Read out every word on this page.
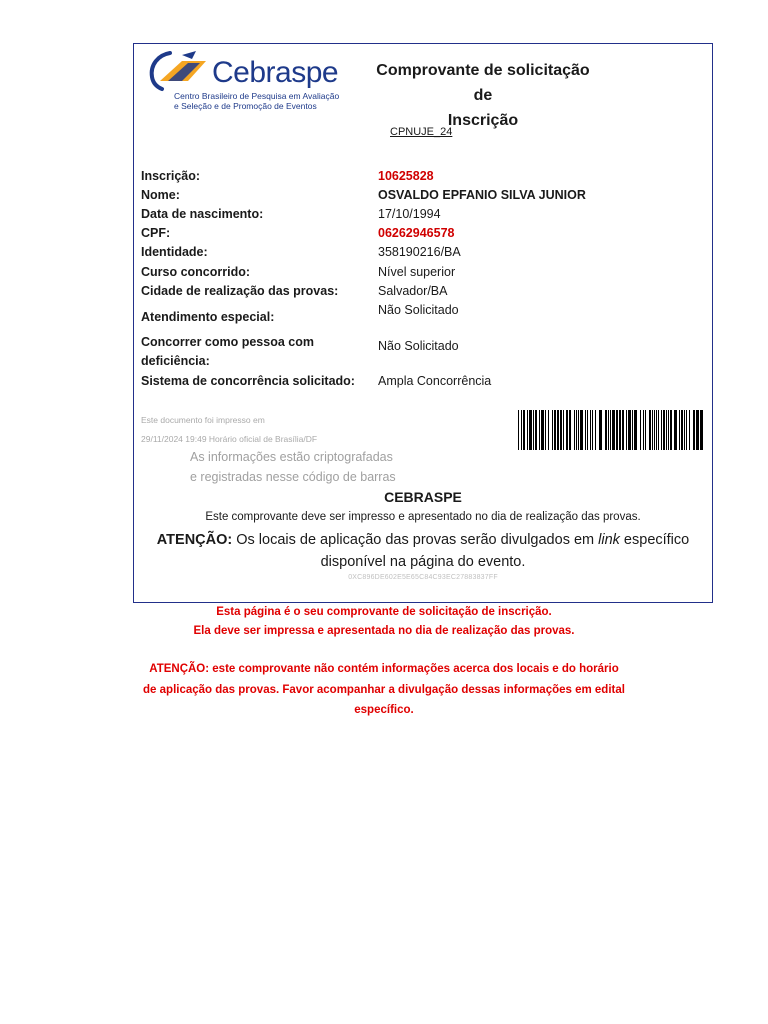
Cebraspe
Centro Brasileiro de Pesquisa em Avaliação
e Seleção e de Promoção de Eventos
Comprovante de solicitação de
Inscrição
CPNUJE_24
Inscrição:	10625828
Nome:	OSVALDO EPFANIO SILVA JUNIOR
Data de nascimento:	17/10/1994
CPF:	06262946578
Identidade:	358190216/BA
Curso concorrido:	Nível superior
Cidade de realização das provas:	Salvador/BA
Atendimento especial:	Não Solicitado
Concorrer como pessoa com
deficiência:
Não Solicitado
Sistema de concorrência solicitado: Ampla Concorrência
Este documento foi impresso em
29/11/2024 19:49 Horário oficial de Brasília/DF
As informações estão criptografadas
e registradas nesse código de barras
CEBRASPE
Este comprovante deve ser impresso e apresentado no dia de realização das provas.
ATENÇÃO: Os locais de aplicação das provas serão divulgados em link específico
disponível na página do evento.
0XC896DE602E5E65C84C93EC27883837FF
Esta página é o seu comprovante de solicitação de inscrição.
Ela deve ser impressa e apresentada no dia de realização das provas.
ATENÇÃO: este comprovante não contém informações acerca dos locais e do horário
de aplicação das provas. Favor acompanhar a divulgação dessas informações em edital
específico.
